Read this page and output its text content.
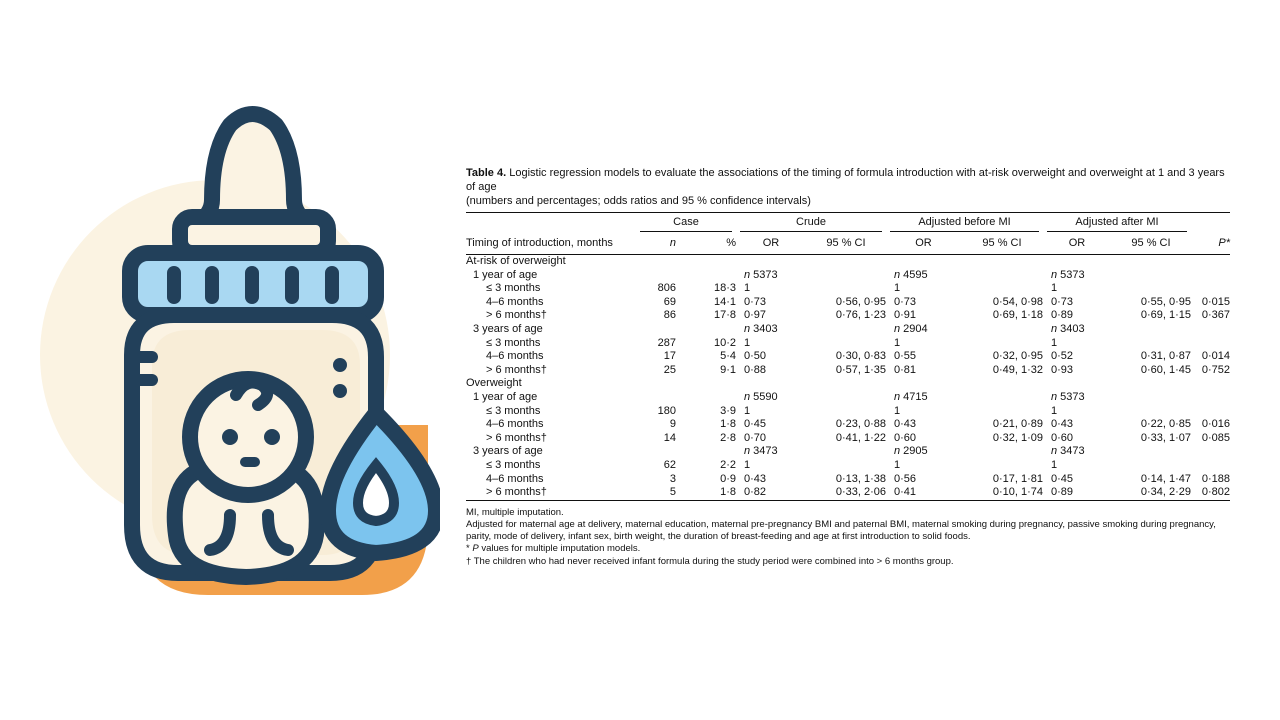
Table 4. Logistic regression models to evaluate the associations of the timing of formula introduction with at-risk overweight and overweight at 1 and 3 years of age
(numbers and percentages; odds ratios and 95 % confidence intervals)

	Case		Crude		Adjusted before MI		Adjusted after MI		

Timing of introduction, months	n	%	OR	95 % CI	OR	95 % CI	OR	95 % CI	P*
At-risk of overweight									
1 year of age			n 5373		n 4595		n 5373		
≤ 3 months	806	18·3	1		1		1		
4–6 months	69	14·1	0·73	0·56, 0·95	0·73	0·54, 0·98	0·73	0·55, 0·95	0·015
> 6 months†	86	17·8	0·97	0·76, 1·23	0·91	0·69, 1·18	0·89	0·69, 1·15	0·367
3 years of age			n 3403		n 2904		n 3403		
≤ 3 months	287	10·2	1		1		1		
4–6 months	17	5·4	0·50	0·30, 0·83	0·55	0·32, 0·95	0·52	0·31, 0·87	0·014
> 6 months†	25	9·1	0·88	0·57, 1·35	0·81	0·49, 1·32	0·93	0·60, 1·45	0·752
Overweight									
1 year of age			n 5590		n 4715		n 5373		
≤ 3 months	180	3·9	1		1		1		
4–6 months	9	1·8	0·45	0·23, 0·88	0·43	0·21, 0·89	0·43	0·22, 0·85	0·016
> 6 months†	14	2·8	0·70	0·41, 1·22	0·60	0·32, 1·09	0·60	0·33, 1·07	0·085
3 years of age			n 3473		n 2905		n 3473		
≤ 3 months	62	2·2	1		1		1		
4–6 months	3	0·9	0·43	0·13, 1·38	0·56	0·17, 1·81	0·45	0·14, 1·47	0·188
> 6 months†	5	1·8	0·82	0·33, 2·06	0·41	0·10, 1·74	0·89	0·34, 2·29	0·802
MI, multiple imputation.
Adjusted for maternal age at delivery, maternal education, maternal pre-pregnancy BMI and paternal BMI, maternal smoking during pregnancy, passive smoking during pregnancy, parity, mode of delivery, infant sex, birth weight, the duration of breast-feeding and age at first introduction to solid foods.
* P values for multiple imputation models.
† The children who had never received infant formula during the study period were combined into > 6 months group.
